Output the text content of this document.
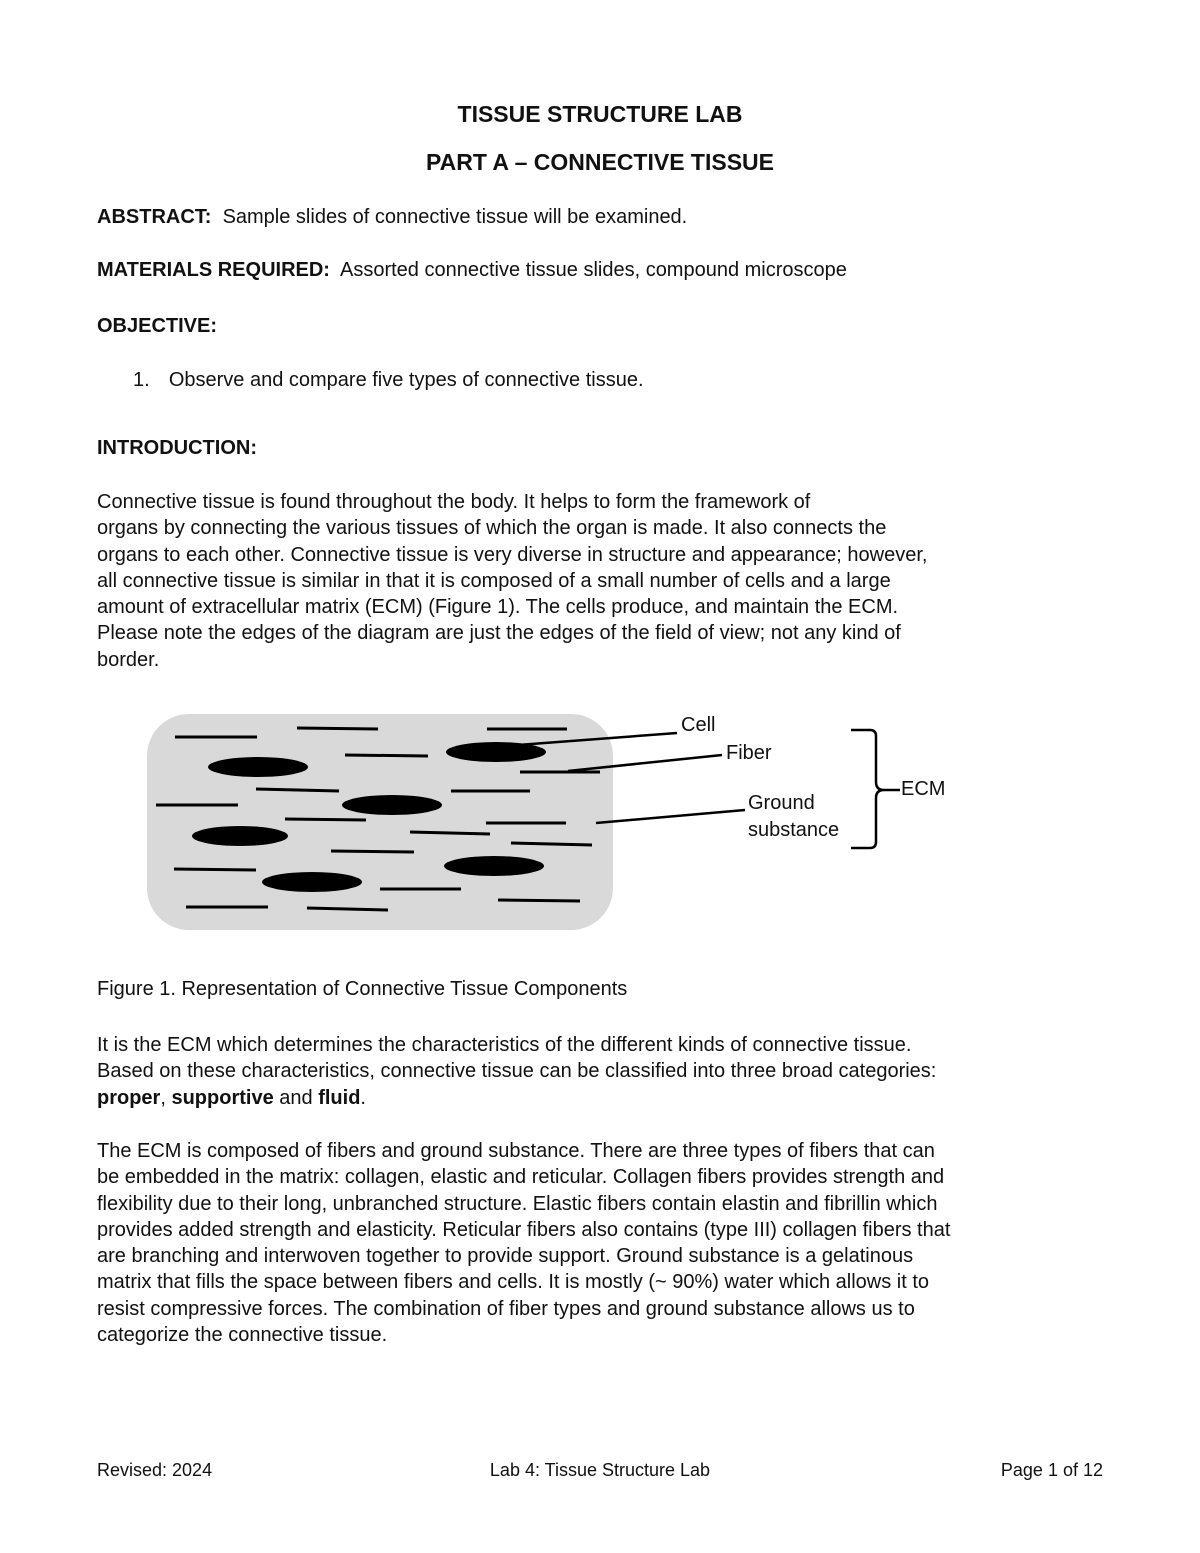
TISSUE STRUCTURE LAB
PART A – CONNECTIVE TISSUE
ABSTRACT: Sample slides of connective tissue will be examined.
MATERIALS REQUIRED: Assorted connective tissue slides, compound microscope
OBJECTIVE:
1. Observe and compare five types of connective tissue.
INTRODUCTION:
Connective tissue is found throughout the body. It helps to form the framework of
organs by connecting the various tissues of which the organ is made. It also connects the
organs to each other. Connective tissue is very diverse in structure and appearance; however,
all connective tissue is similar in that it is composed of a small number of cells and a large
amount of extracellular matrix (ECM) (Figure 1). The cells produce, and maintain the ECM.
Please note the edges of the diagram are just the edges of the field of view; not any kind of
border.
Cell
Fiber
Ground
substance
ECM
Figure 1. Representation of Connective Tissue Components
It is the ECM which determines the characteristics of the different kinds of connective tissue.
Based on these characteristics, connective tissue can be classified into three broad categories:
proper, supportive and fluid.
The ECM is composed of fibers and ground substance. There are three types of fibers that can
be embedded in the matrix: collagen, elastic and reticular. Collagen fibers provides strength and
flexibility due to their long, unbranched structure. Elastic fibers contain elastin and fibrillin which
provides added strength and elasticity. Reticular fibers also contains (type III) collagen fibers that
are branching and interwoven together to provide support. Ground substance is a gelatinous
matrix that fills the space between fibers and cells. It is mostly (~ 90%) water which allows it to
resist compressive forces. The combination of fiber types and ground substance allows us to
categorize the connective tissue.
Revised: 2024	Lab 4: Tissue Structure Lab	Page 1 of 12
